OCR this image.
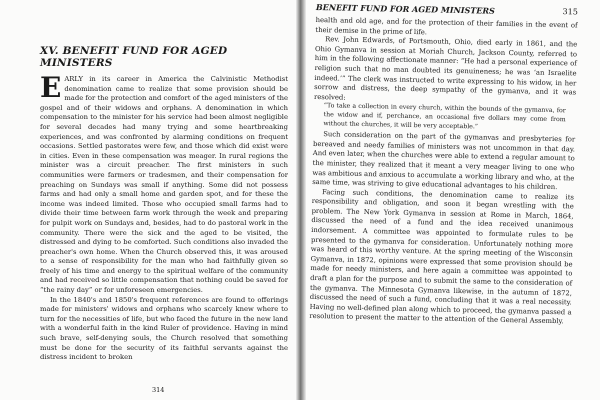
XV. BENEFIT FUND FOR AGED MINISTERS

EARLY in its career in America the Calvinistic Methodist denomination came to realize that some provision should be made for the protection and comfort of the aged ministers of the gospel and of their widows and orphans. A denomination in which compensation to the minister for his service had been almost negligible for several decades had many trying and some heartbreaking experiences, and was confronted by alarming conditions on frequent occasions. Settled pastorates were few, and those which did exist were in cities. Even in these compensation was meager. In rural regions the minister was a circuit preacher. The first ministers in such communities were farmers or tradesmen, and their compensation for preaching on Sundays was small if anything. Some did not possess farms and had only a small home and garden spot, and for these the income was indeed limited. Those who occupied small farms had to divide their time between farm work through the week and preparing for pulpit work on Sundays and, besides, had to do pastoral work in the community. There were the sick and the aged to be visited, the distressed and dying to be comforted. Such conditions also invaded the preacher's own home. When the Church observed this, it was aroused to a sense of responsibility for the man who had faithfully given so freely of his time and energy to the spiritual welfare of the community and had received so little compensation that nothing could be saved for “the rainy day” or for unforeseen emergencies.

In the 1840's and 1850's frequent references are found to offerings made for ministers' widows and orphans who scarcely knew where to turn for the necessities of life, but who faced the future in the new land with a wonderful faith in the kind Ruler of providence. Having in mind such brave, self-denying souls, the Church resolved that something must be done for the security of its faithful servants against the distress incident to broken

314
BENEFIT FUND FOR AGED MINISTERS	315

health and old age, and for the protection of their families in the event of their demise in the prime of life.

Rev. John Edwards, of Portsmouth, Ohio, died early in 1861, and the Ohio Gymanva in session at Moriah Church, Jackson County, referred to him in the following affectionate manner: “He had a personal experience of religion such that no man doubted its genuineness; he was ‘an Israelite indeed.’” The clerk was instructed to write expressing to his widow, in her sorrow and distress, the deep sympathy of the gymanva, and it was resolved:

“To take a collection in every church, within the bounds of the gymanva, for the widow and if, perchance, an occasional five dollars may come from without the churches, it will be very acceptable.”

Such consideration on the part of the gymanvas and presbyteries for bereaved and needy families of ministers was not uncommon in that day. And even later, when the churches were able to extend a regular amount to the minister, they realized that it meant a very meager living to one who was ambitious and anxious to accumulate a working library and who, at the same time, was striving to give educational advantages to his children.

Facing such conditions, the denomination came to realize its responsibility and obligation, and soon it began wrestling with the problem. The New York Gymanva in session at Rome in March, 1864, discussed the need of a fund and the idea received unanimous indorsement. A committee was appointed to formulate rules to be presented to the gymanva for consideration. Unfortunately nothing more was heard of this worthy venture. At the spring meeting of the Wisconsin Gymanva, in 1872, opinions were expressed that some provision should be made for needy ministers, and here again a committee was appointed to draft a plan for the purpose and to submit the same to the consideration of the gymanva. The Minnesota Gymanva likewise, in the autumn of 1872, discussed the need of such a fund, concluding that it was a real necessity. Having no well-defined plan along which to proceed, the gymanva passed a resolution to present the matter to the attention of the General Assembly.
